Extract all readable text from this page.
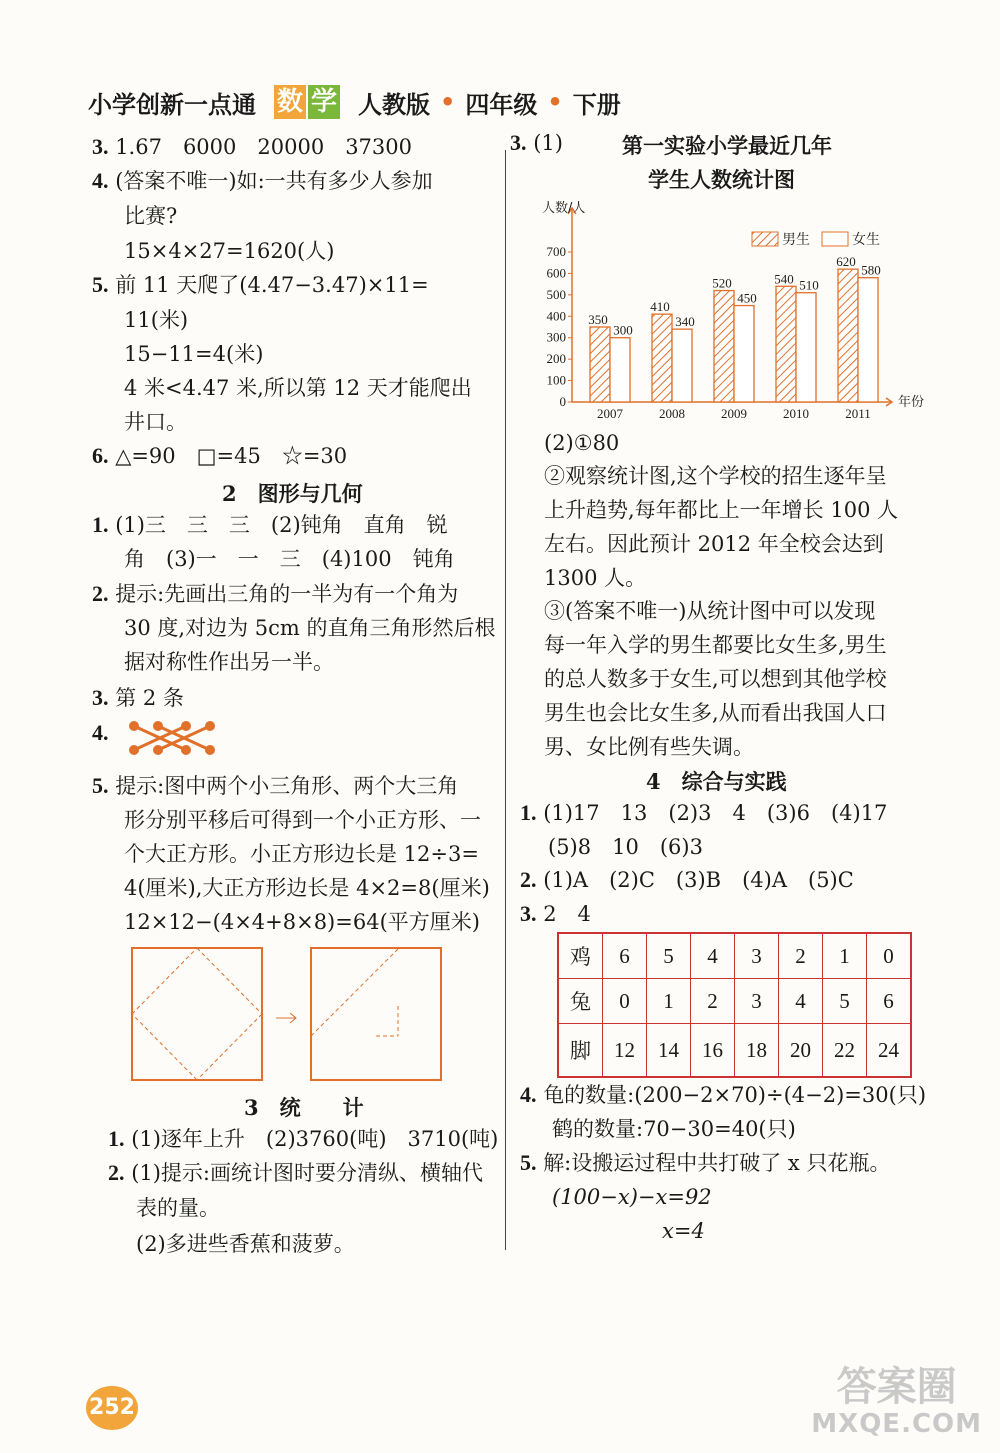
小学创新一点通 数 学 人教版 • 四年级 • 下册
3. 1.67　6000　20000　37300
4. (答案不唯一)如:一共有多少人参加
比赛?
15×4×27=1620(人)
5. 前 11 天爬了(4.47−3.47)×11=
11(米)
15−11=4(米)
4 米<4.47 米,所以第 12 天才能爬出
井口。
6. △=90　□=45　☆=30
2　图形与几何
1. (1)三　三　三　(2)钝角　直角　锐
角　(3)一　一　三　(4)100　钝角
2. 提示:先画出三角的一半为有一个角为
30 度,对边为 5cm 的直角三角形然后根
据对称性作出另一半。
3. 第 2 条
4.
5. 提示:图中两个小三角形、两个大三角
形分别平移后可得到一个小正方形、一
个大正方形。小正方形边长是 12÷3=
4(厘米),大正方形边长是 4×2=8(厘米)
12×12−(4×4+8×8)=64(平方厘米)
3　统　　计
1. (1)逐年上升　(2)3760(吨)　3710(吨)
2. (1)提示:画统计图时要分清纵、横轴代
表的量。
(2)多进些香蕉和菠萝。
3. (1)	第一实验小学最近几年
学生人数统计图
0
100
200
300
400
500
600
700
人数/人
年份
男生	女生
350
300
2007
410
340
2008
520
450
2009
540 510
2010
620
580
2011
(2)①80
②观察统计图,这个学校的招生逐年呈
上升趋势,每年都比上一年增长 100 人
左右。因此预计 2012 年全校会达到
1300 人。
③(答案不唯一)从统计图中可以发现
每一年入学的男生都要比女生多,男生
的总人数多于女生,可以想到其他学校
男生也会比女生多,从而看出我国人口
男、女比例有些失调。
4　综合与实践
1. (1)17　13　(2)3　4　(3)6　(4)17
(5)8　10　(6)3
2. (1)A　(2)C　(3)B　(4)A　(5)C
3. 2　4
鸡	6	5	4	3	2	1	0
兔	0	1	2	3	4	5	6
脚	12	14	16	18	20	22	24
4. 龟的数量:(200−2×70)÷(4−2)=30(只)
鹤的数量:70−30=40(只)
5. 解:设搬运过程中共打破了 x 只花瓶。
(100−x)−x=92
x=4
252	答案圈
MXQE.COM
